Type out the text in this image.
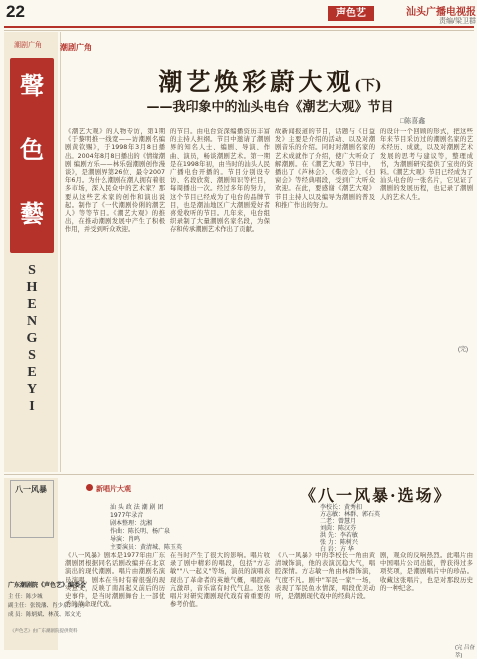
22	声色艺	汕头广播电视报
责编/梁卫群
潮剧广角
聲
色
藝
S
H
E
N
G
S
E
Y
I
潮剧广角
潮艺焕彩蔚大观(下)
——我印象中的汕头电台《潮艺大观》节目
□陈喜鑫
《潮艺大观》的人物专访，第1期《于黎明推一线宽——访潮剧名编剧黄钦赐》，于1998年3月8日播出。2004年8月8日播出的《情缘潮剧 编剧方乐——林乐强潮剧创作漫谈》，是潮剧界第26位、最令2007年6月。为什么潮剧在潮人拥有着很多市场，深入民众中的艺术家？那要从这些艺术家的创作和演出说起。制作了《一代潮剧伶俐的潮艺人》等等节目。《潮艺大观》的推出，在推动潮剧发展中产生了积极作用，并受到听众欢迎。
的节目。由电台资深编播资历丰富的主持人担纲。节目中邀请了潮剧界的知名人士、编剧、导演、作曲、演员，畅谈潮剧艺术。第一期是在1998年初，由当时的汕头人民广播电台开播的。节目分别设专访、名段欣赏、潮剧知识等栏目，每周播出一次。经过多年的努力，这个节目已经成为了电台的品牌节目，也是潮汕地区广大潮剧爱好者喜爱收听的节目。几年来，电台组织录制了大量潮剧名家名段，为保存和传承潮剧艺术作出了贡献。
故新闻报道的节目，话题与《日益发》主要是介绍的活动、以及对潮剧音乐的介绍。同时对潮剧名家的艺术成就作了介绍，使广大听众了解潮剧。在《潮艺大观》节目中，播出了《芦林会》、《柴房会》、《扫窗会》等经典唱段，受到广大听众欢迎。在此，要感谢《潮艺大观》节目主持人以及编导为潮剧的普及和推广作出的努力。
的设计一个回顾的形式，把这些年来节目采访过的潮剧名家的艺术经历、成就，以及对潮剧艺术发展的思考与建议等，整理成书，为潮剧研究提供了宝贵的资料。《潮艺大观》节目已经成为了汕头电台的一张名片，它见证了潮剧的发展历程，也记录了潮剧人的艺术人生。
(完)
八一风暴
广东潮剧院《声色艺》编委会
主 任：陈少城
副主任：张锐藩、肖少泉、张勇
成 员：陈炳斌、林茂、郑文光
《声色艺》由广东潮剧院提供资料
新唱片大观	《八一风暴·选场》
汕 头 政 法 潮 剧 团
1977年录音
剧本整理：沈湘
作曲：陈长明、杨广泉
导演：肖鸣
主要演员：黄清城、陈玉英
李校长：黄秀扣
方志敏：林群、郭石英
二老：曾慧月
刘茵：陈汉芬
洪 先：李若敏
张 力：陈树兴
白 岩：方 华
《八一风暴》剧本是1977年由广东潮剧团根据同名话剧改编并在北京演出的现代潮剧。唱片由潮剧名演员演唱，剧本在当时有着很强的现实意义，反映了南昌起义前后的历史事件，是当时潮剧舞台上一部优秀的革命现代戏。
在当时产生了很大的影响。唱片收录了剧中精彩的唱段，包括"方志敏""八一起义"等场，演员的演唱表现出了革命者的英雄气概，唱腔高亢激昂，音乐富有时代气息。这张唱片对研究潮剧现代戏有着重要的参考价值。
《八一风暴》中的李校长一角由黄清城饰演，他的表演沉稳大气，唱腔深情。方志敏一角由林群饰演，气度不凡。剧中"军民一家"一场，表现了军民鱼水情深，唱段优美动听，是潮剧现代戏中的经典片段。
剧，观众的反响热烈。此唱片由中国唱片公司出版，曾获得过多项奖项，是潮剧唱片中的珍品。收藏这张唱片，也是对那段历史的一种纪念。
(完 吕奋萃)
